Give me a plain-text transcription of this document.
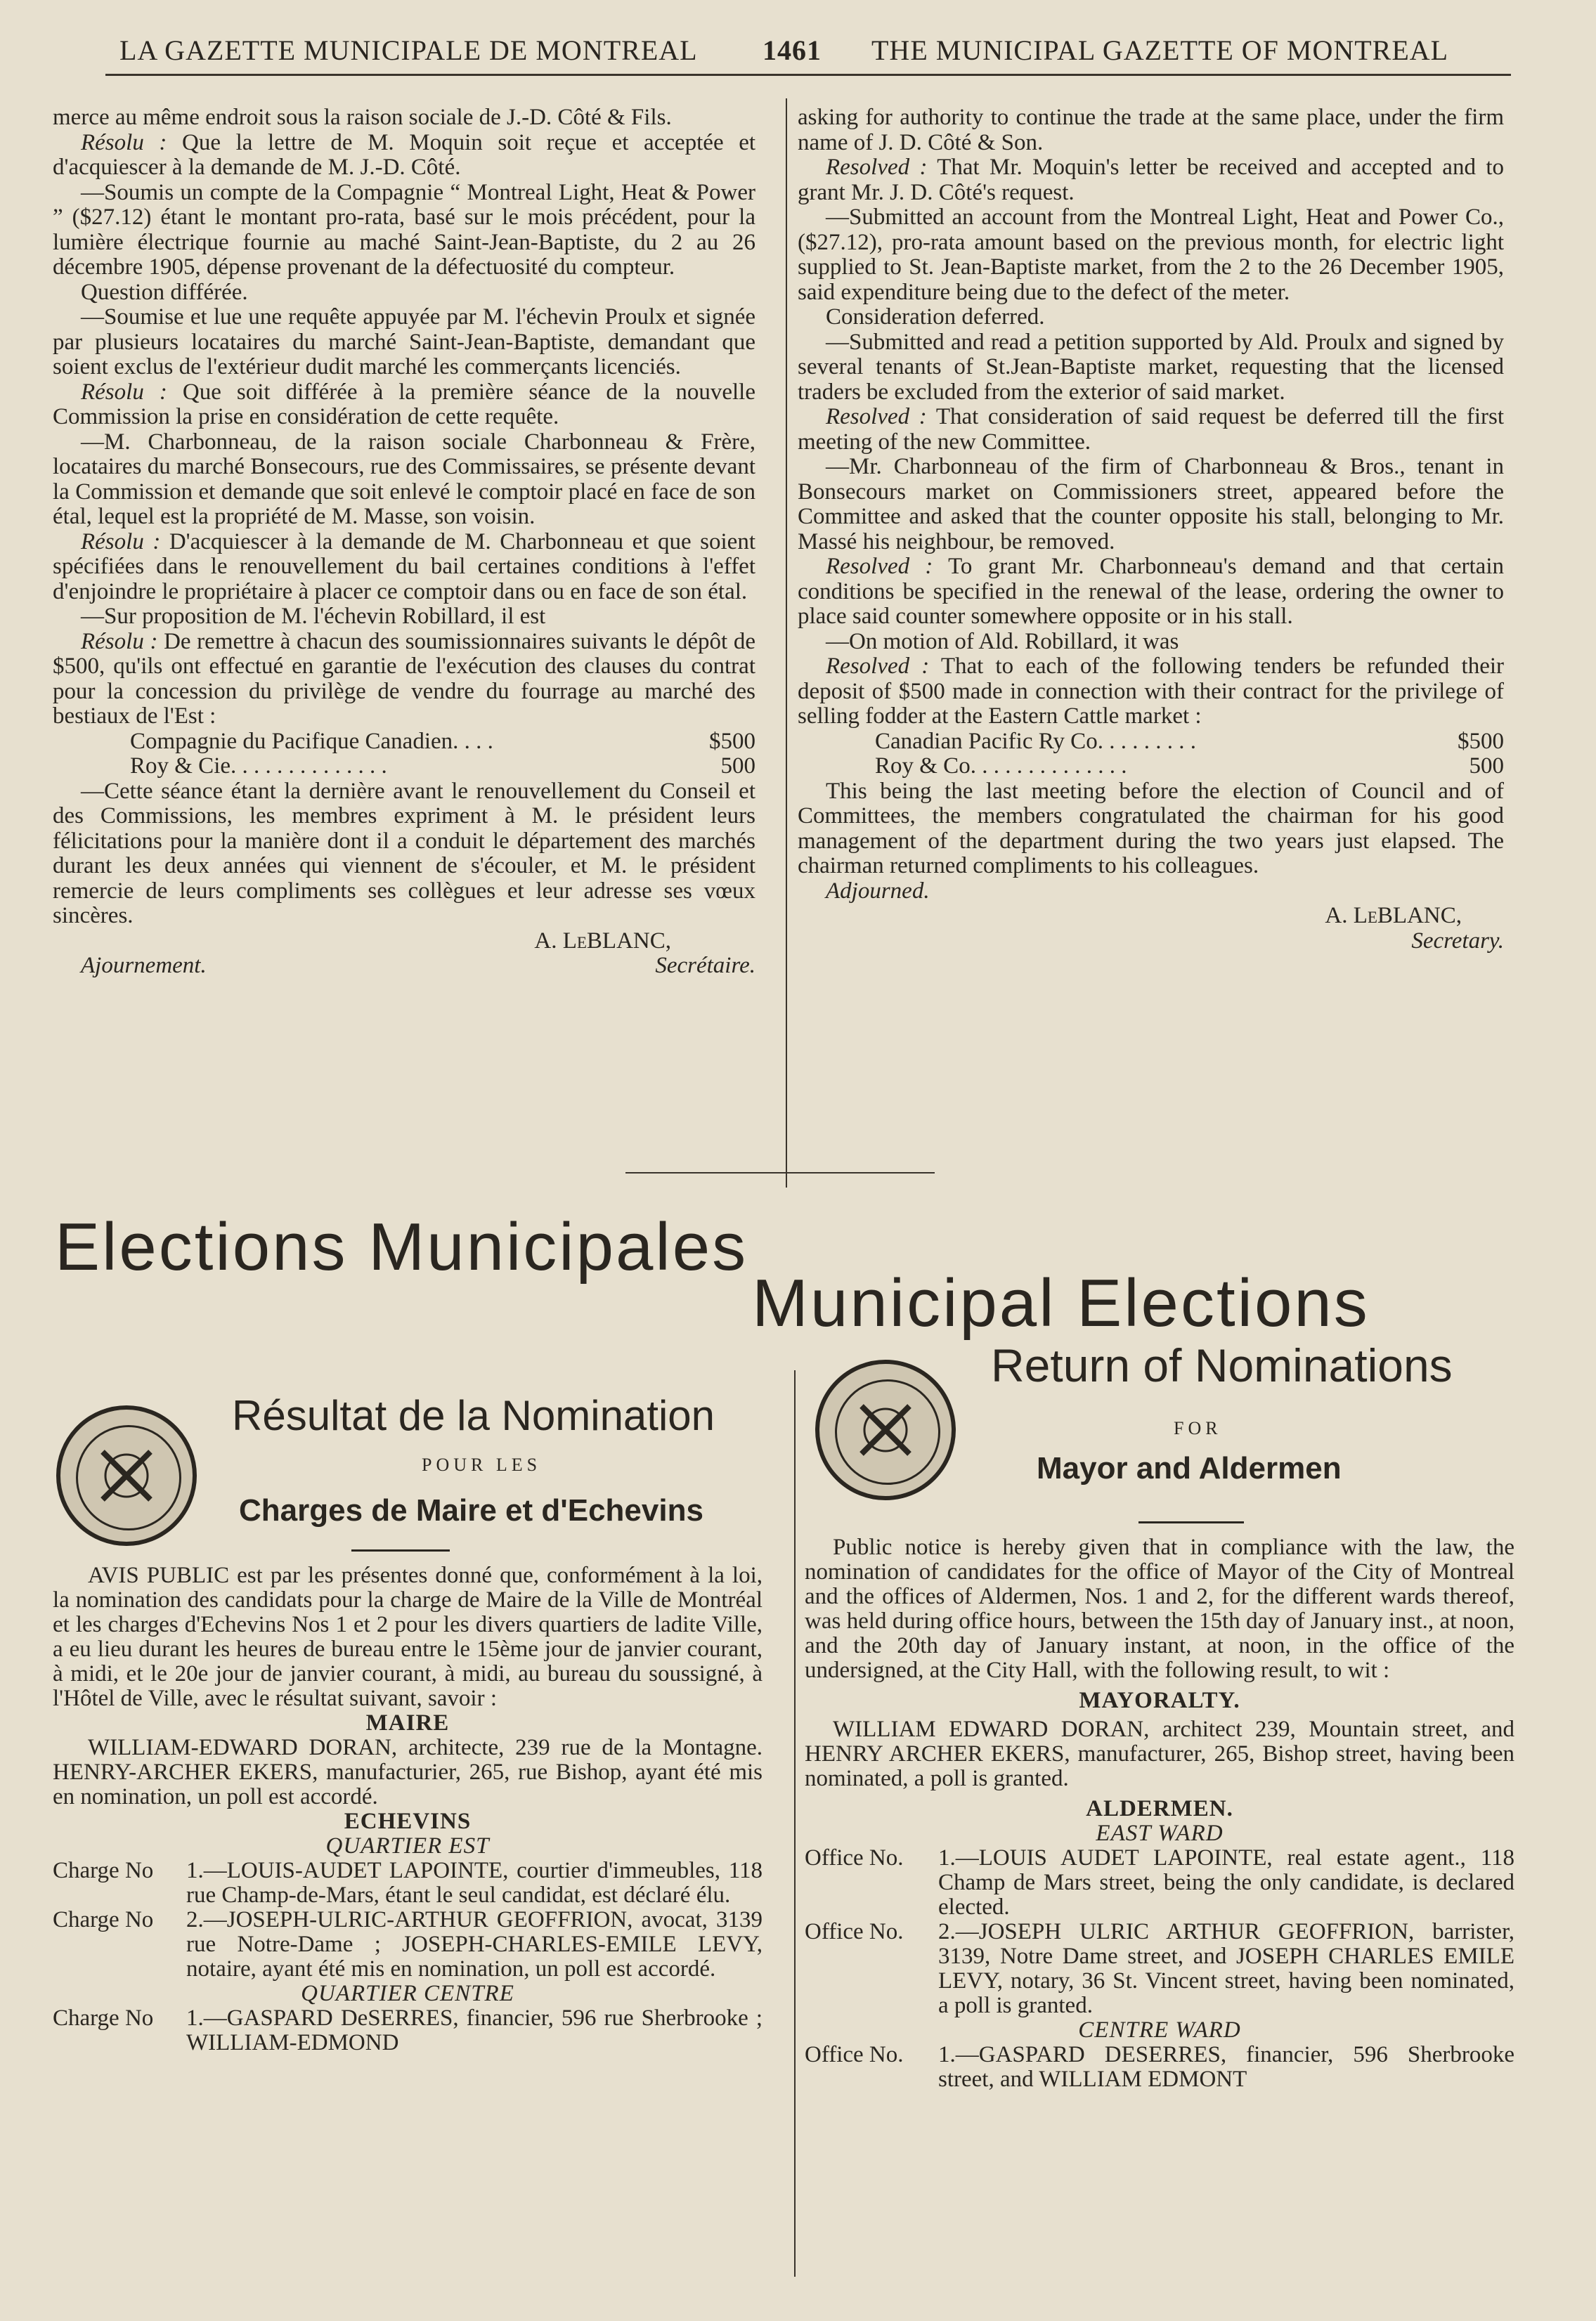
LA GAZETTE MUNICIPALE DE MONTREAL 1461 THE MUNICIPAL GAZETTE OF MONTREAL

merce au même endroit sous la raison sociale de J.-D. Côté & Fils.

Résolu : Que la lettre de M. Moquin soit reçue et acceptée et d'acquiescer à la demande de M. J.-D. Côté.

—Soumis un compte de la Compagnie “ Montreal Light, Heat & Power ” ($27.12) étant le montant pro-rata, basé sur le mois précédent, pour la lumière électrique fournie au maché Saint-Jean-Baptiste, du 2 au 26 décembre 1905, dépense provenant de la défectuosité du compteur.

Question différée.

—Soumise et lue une requête appuyée par M. l'échevin Proulx et signée par plusieurs locataires du marché Saint-Jean-Baptiste, demandant que soient exclus de l'extérieur dudit marché les commerçants licenciés.

Résolu : Que soit différée à la première séance de la nouvelle Commission la prise en considération de cette requête.

—M. Charbonneau, de la raison sociale Charbonneau & Frère, locataires du marché Bonsecours, rue des Commissaires, se présente devant la Commission et demande que soit enlevé le comptoir placé en face de son étal, lequel est la propriété de M. Masse, son voisin.

Résolu : D'acquiescer à la demande de M. Charbonneau et que soient spécifiées dans le renouvellement du bail certaines conditions à l'effet d'enjoindre le propriétaire à placer ce comptoir dans ou en face de son étal.

—Sur proposition de M. l'échevin Robillard, il est

Résolu : De remettre à chacun des soumissionnaires suivants le dépôt de $500, qu'ils ont effectué en garantie de l'exécution des clauses du contrat pour la concession du privilège de vendre du fourrage au marché des bestiaux de l'Est :

Compagnie du Pacifique Canadien. . . .	$500
Roy & Cie. . . . . . . . . . . . . .	500

—Cette séance étant la dernière avant le renouvellement du Conseil et des Commissions, les membres expriment à M. le président leurs félicitations pour la manière dont il a conduit le département des marchés durant les deux années qui viennent de s'écouler, et M. le président remercie de leurs compliments ses collègues et leur adresse ses vœux sincères.

A. LeBLANC,

Ajournement.	Secrétaire.

asking for authority to continue the trade at the same place, under the firm name of J. D. Côté & Son.

Resolved : That Mr. Moquin's letter be received and accepted and to grant Mr. J. D. Côté's request.

—Submitted an account from the Montreal Light, Heat and Power Co., ($27.12), pro-rata amount based on the previous month, for electric light supplied to St. Jean-Baptiste market, from the 2 to the 26 December 1905, said expenditure being due to the defect of the meter.

Consideration deferred.

—Submitted and read a petition supported by Ald. Proulx and signed by several tenants of St.Jean-Baptiste market, requesting that the licensed traders be excluded from the exterior of said market.

Resolved : That consideration of said request be deferred till the first meeting of the new Committee.

—Mr. Charbonneau of the firm of Charbonneau & Bros., tenant in Bonsecours market on Commissioners street, appeared before the Committee and asked that the counter opposite his stall, belonging to Mr. Massé his neighbour, be removed.

Resolved : To grant Mr. Charbonneau's demand and that certain conditions be specified in the renewal of the lease, ordering the owner to place said counter somewhere opposite or in his stall.

—On motion of Ald. Robillard, it was

Resolved : That to each of the following tenders be refunded their deposit of $500 made in connection with their contract for the privilege of selling fodder at the Eastern Cattle market :

Canadian Pacific Ry Co. . . . . . . . .	$500
Roy & Co. . . . . . . . . . . . . .	500

This being the last meeting before the election of Council and of Committees, the members congratulated the chairman for his good management of the department during the two years just elapsed. The chairman returned compliments to his colleagues.

Adjourned.

A. LeBLANC,

Secretary.

Elections Municipales
Municipal Elections
Résultat de la Nomination
POUR LES
Charges de Maire et d'Echevins

AVIS PUBLIC est par les présentes donné que, conformément à la loi, la nomination des candidats pour la charge de Maire de la Ville de Montréal et les charges d'Echevins Nos 1 et 2 pour les divers quartiers de ladite Ville, a eu lieu durant les heures de bureau entre le 15ème jour de janvier courant, à midi, et le 20e jour de janvier courant, à midi, au bureau du soussigné, à l'Hôtel de Ville, avec le résultat suivant, savoir :

MAIRE

WILLIAM-EDWARD DORAN, architecte, 239 rue de la Montagne. HENRY-ARCHER EKERS, manufacturier, 265, rue Bishop, ayant été mis en nomination, un poll est accordé.

ECHEVINS

QUARTIER EST

Charge No	1.—LOUIS-AUDET LAPOINTE, courtier d'immeubles, 118 rue Champ-de-Mars, étant le seul candidat, est déclaré élu.
Charge No	2.—JOSEPH-ULRIC-ARTHUR GEOFFRION, avocat, 3139 rue Notre-Dame ; JOSEPH-CHARLES-EMILE LEVY, notaire, ayant été mis en nomination, un poll est accordé.

QUARTIER CENTRE

Charge No	1.—GASPARD DeSERRES, financier, 596 rue Sherbrooke ; WILLIAM-EDMOND
Return of Nominations
FOR
Mayor and Aldermen

Public notice is hereby given that in compliance with the law, the nomination of candidates for the office of Mayor of the City of Montreal and the offices of Aldermen, Nos. 1 and 2, for the different wards thereof, was held during office hours, between the 15th day of January inst., at noon, and the 20th day of January instant, at noon, in the office of the undersigned, at the City Hall, with the following result, to wit :

MAYORALTY.

WILLIAM EDWARD DORAN, architect 239, Mountain street, and HENRY ARCHER EKERS, manufacturer, 265, Bishop street, having been nominated, a poll is granted.

ALDERMEN.

EAST WARD

Office No.	1.—LOUIS AUDET LAPOINTE, real estate agent., 118 Champ de Mars street, being the only candidate, is declared elected.
Office No.	2.—JOSEPH ULRIC ARTHUR GEOFFRION, barrister, 3139, Notre Dame street, and JOSEPH CHARLES EMILE LEVY, notary, 36 St. Vincent street, having been nominated, a poll is granted.

CENTRE WARD

Office No.	1.—GASPARD DESERRES, financier, 596 Sherbrooke street, and WILLIAM EDMONT
